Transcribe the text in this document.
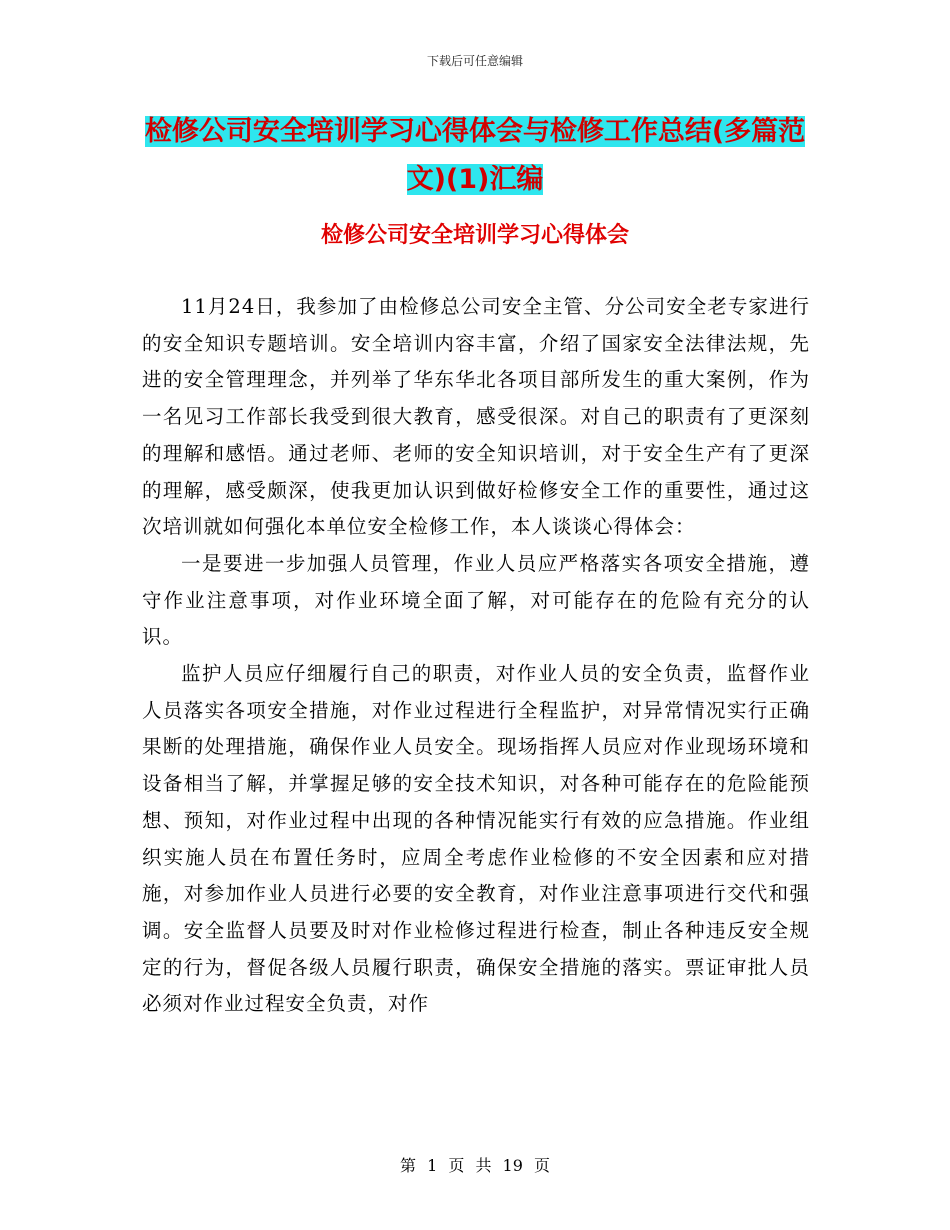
下载后可任意编辑
检修公司安全培训学习心得体会与检修工作总结(多篇范文)(1)汇编
检修公司安全培训学习心得体会

11月24日，我参加了由检修总公司安全主管、分公司安全老专家进行的安全知识专题培训。安全培训内容丰富，介绍了国家安全法律法规，先进的安全管理理念，并列举了华东华北各项目部所发生的重大案例，作为一名见习工作部长我受到很大教育，感受很深。对自己的职责有了更深刻的理解和感悟。通过老师、老师的安全知识培训，对于安全生产有了更深的理解，感受颇深，使我更加认识到做好检修安全工作的重要性，通过这次培训就如何强化本单位安全检修工作，本人谈谈心得体会：

一是要进一步加强人员管理，作业人员应严格落实各项安全措施，遵守作业注意事项，对作业环境全面了解，对可能存在的危险有充分的认识。

监护人员应仔细履行自己的职责，对作业人员的安全负责，监督作业人员落实各项安全措施，对作业过程进行全程监护，对异常情况实行正确果断的处理措施，确保作业人员安全。现场指挥人员应对作业现场环境和设备相当了解，并掌握足够的安全技术知识，对各种可能存在的危险能预想、预知，对作业过程中出现的各种情况能实行有效的应急措施。作业组织实施人员在布置任务时，应周全考虑作业检修的不安全因素和应对措施，对参加作业人员进行必要的安全教育，对作业注意事项进行交代和强调。安全监督人员要及时对作业检修过程进行检查，制止各种违反安全规定的行为，督促各级人员履行职责，确保安全措施的落实。票证审批人员必须对作业过程安全负责，对作

第 1 页 共 19 页
